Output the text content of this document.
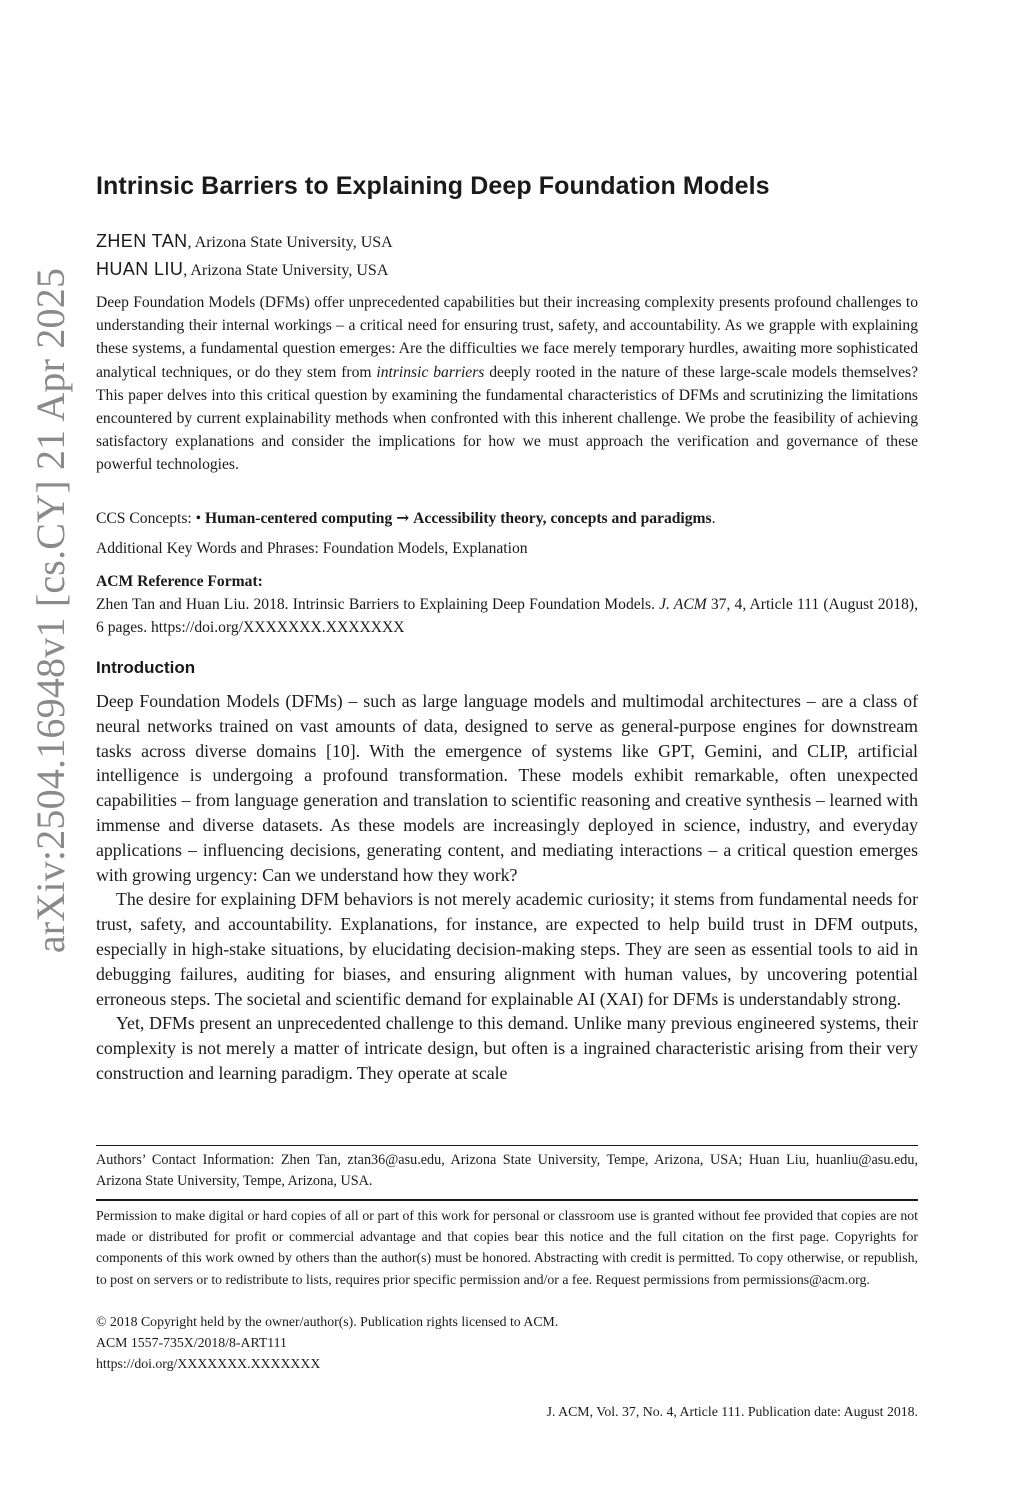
arXiv:2504.16948v1 [cs.CY] 21 Apr 2025
Intrinsic Barriers to Explaining Deep Foundation Models
ZHEN TAN, Arizona State University, USA
HUAN LIU, Arizona State University, USA

Deep Foundation Models (DFMs) offer unprecedented capabilities but their increasing complexity presents profound challenges to understanding their internal workings – a critical need for ensuring trust, safety, and accountability. As we grapple with explaining these systems, a fundamental question emerges: Are the difficulties we face merely temporary hurdles, awaiting more sophisticated analytical techniques, or do they stem from intrinsic barriers deeply rooted in the nature of these large-scale models themselves? This paper delves into this critical question by examining the fundamental characteristics of DFMs and scrutinizing the limitations encountered by current explainability methods when confronted with this inherent challenge. We probe the feasibility of achieving satisfactory explanations and consider the implications for how we must approach the verification and governance of these powerful technologies.

CCS Concepts: • Human-centered computing → Accessibility theory, concepts and paradigms.

Additional Key Words and Phrases: Foundation Models, Explanation

ACM Reference Format:

Zhen Tan and Huan Liu. 2018. Intrinsic Barriers to Explaining Deep Foundation Models. J. ACM 37, 4, Article 111 (August 2018), 6 pages. https://doi.org/XXXXXXX.XXXXXXX

Introduction

Deep Foundation Models (DFMs) – such as large language models and multimodal architectures – are a class of neural networks trained on vast amounts of data, designed to serve as general-purpose engines for downstream tasks across diverse domains [10]. With the emergence of systems like GPT, Gemini, and CLIP, artificial intelligence is undergoing a profound transformation. These models exhibit remarkable, often unexpected capabilities – from language generation and translation to scientific reasoning and creative synthesis – learned with immense and diverse datasets. As these models are increasingly deployed in science, industry, and everyday applications – influencing decisions, generating content, and mediating interactions – a critical question emerges with growing urgency: Can we understand how they work?

The desire for explaining DFM behaviors is not merely academic curiosity; it stems from fundamental needs for trust, safety, and accountability. Explanations, for instance, are expected to help build trust in DFM outputs, especially in high-stake situations, by elucidating decision-making steps. They are seen as essential tools to aid in debugging failures, auditing for biases, and ensuring alignment with human values, by uncovering potential erroneous steps. The societal and scientific demand for explainable AI (XAI) for DFMs is understandably strong.

Yet, DFMs present an unprecedented challenge to this demand. Unlike many previous engineered systems, their complexity is not merely a matter of intricate design, but often is a ingrained characteristic arising from their very construction and learning paradigm. They operate at scale

Authors’ Contact Information: Zhen Tan, ztan36@asu.edu, Arizona State University, Tempe, Arizona, USA; Huan Liu, huanliu@asu.edu, Arizona State University, Tempe, Arizona, USA.

Permission to make digital or hard copies of all or part of this work for personal or classroom use is granted without fee provided that copies are not made or distributed for profit or commercial advantage and that copies bear this notice and the full citation on the first page. Copyrights for components of this work owned by others than the author(s) must be honored. Abstracting with credit is permitted. To copy otherwise, or republish, to post on servers or to redistribute to lists, requires prior specific permission and/or a fee. Request permissions from permissions@acm.org.

© 2018 Copyright held by the owner/author(s). Publication rights licensed to ACM.
ACM 1557-735X/2018/8-ART111
https://doi.org/XXXXXXX.XXXXXXX
J. ACM, Vol. 37, No. 4, Article 111. Publication date: August 2018.
